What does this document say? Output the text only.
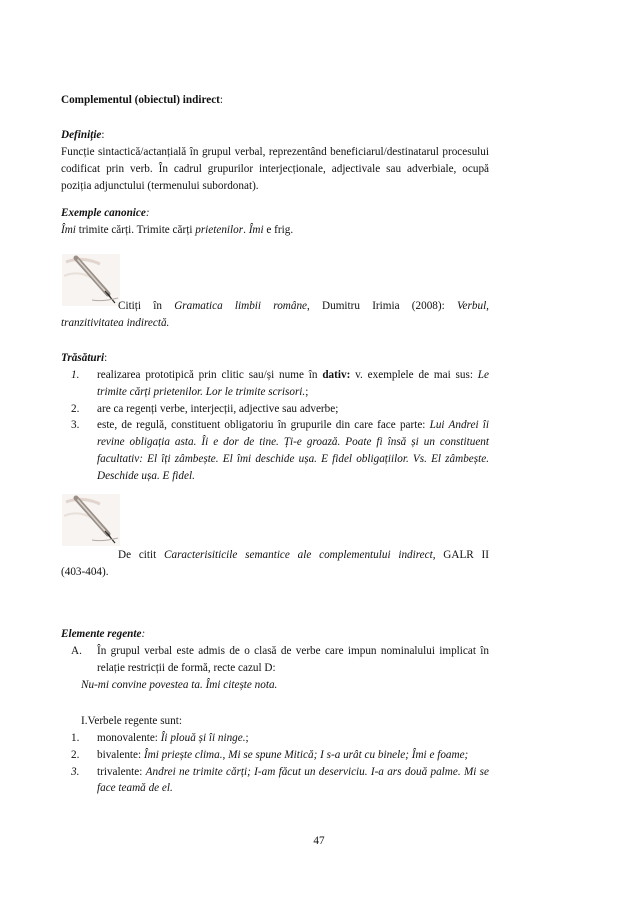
Complementul (obiectul) indirect:
Definiție:
Funcție sintactică/actanțială în grupul verbal, reprezentând beneficiarul/destinatarul procesului codificat prin verb. În cadrul grupurilor interjecționale, adjectivale sau adverbiale, ocupă poziția adjunctului (termenului subordonat).
Exemple canonice:
Îmi trimite cărți. Trimite cărți prietenilor. Îmi e frig.
Citiți în Gramatica limbii române, Dumitru Irimia (2008): Verbul,
tranzitivitatea indirectă.
Trăsături:
1.	realizarea prototipică prin clitic sau/și nume în dativ: v. exemplele de mai sus: Le trimite cărți prietenilor. Lor le trimite scrisori.;
2.	are ca regenți verbe, interjecții, adjective sau adverbe;
3.	este, de regulă, constituent obligatoriu în grupurile din care face parte: Lui Andrei îi revine obligația asta. Îi e dor de tine. Ți-e groază. Poate fi însă și un constituent facultativ: El îți zâmbește. El îmi deschide ușa. E fidel obligațiilor. Vs. El zâmbește. Deschide ușa. E fidel.
De citit Caracterisiticile semantice ale complementului indirect, GALR II
(403-404).
Elemente regente:
A.	În grupul verbal este admis de o clasă de verbe care impun nominalului implicat în relație restricții de formă, recte cazul D:
Nu-mi convine povestea ta. Îmi citește nota.
I.Verbele regente sunt:
1.	monovalente: Îi plouă și îi ninge.;
2.	bivalente: Îmi priește clima., Mi se spune Mitică; I s-a urât cu binele; Îmi e foame;
3.	trivalente: Andrei ne trimite cărți; I-am făcut un deserviciu. I-a ars două palme. Mi se face teamă de el.
47
